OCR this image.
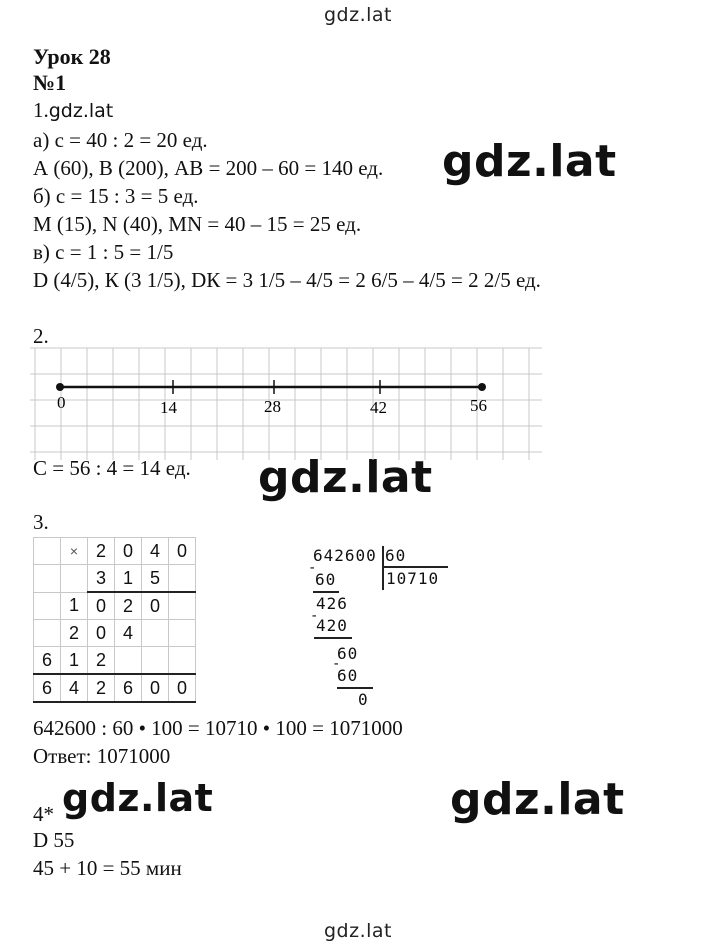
gdz.lat
gdz.lat
gdz.lat
gdz.lat
gdz.lat
gdz.lat
Урок 28
№1
1.gdz.lat
а) с = 40 : 2 = 20 ед.
А (60), В (200), АВ = 200 – 60 = 140 ед.
б) с = 15 : 3 = 5 ед.
М (15), N (40), МN = 40 – 15 = 25 ед.
в) с = 1 : 5 = 1/5
D (4/5), К (3 1/5), DК = 3 1/5 – 4/5 = 2 6/5 – 4/5 = 2 2/5 ед.
2.
0	14	28	42	56
С = 56 : 4 = 14 ед.
3.
	×	2	0	4	0
		3	1	5	
	1	0	2	0	
	2	0	4		
6	1	2			
6	4	2	6	0	0
642600 60
10710
-
60
426
-
420
60
-
60
0
642600 : 60 • 100 = 10710 • 100 = 1071000
Ответ: 1071000
4*
D 55
45 + 10 = 55 мин
